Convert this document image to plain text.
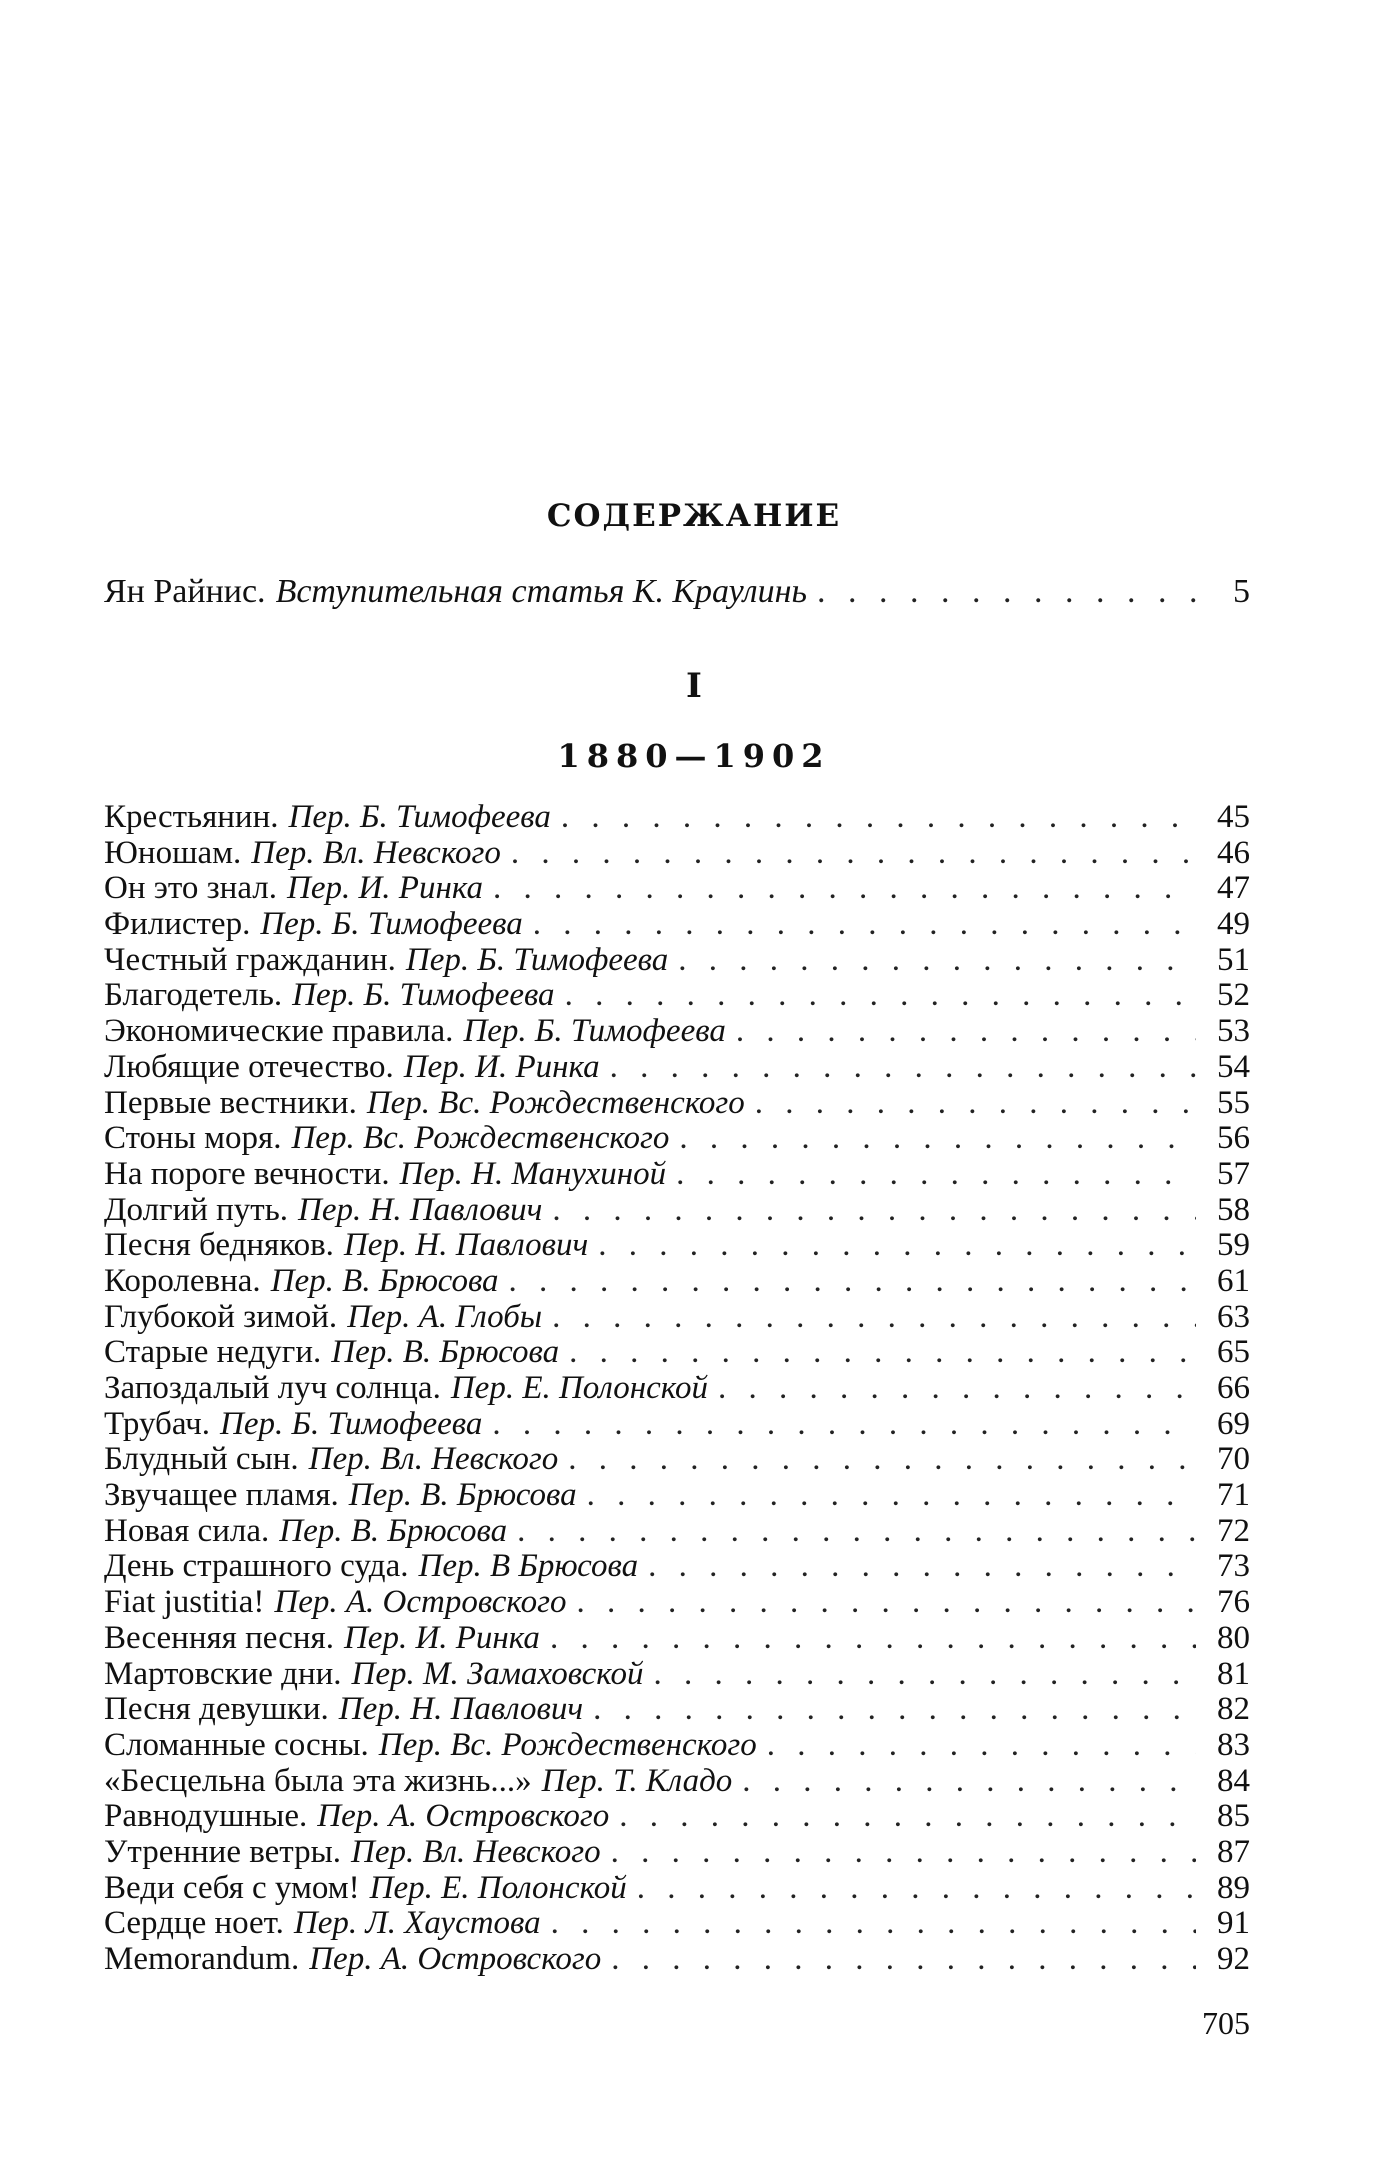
СОДЕРЖАНИЕ
Ян Райнис. Вступительная статья К. Краулинь . . .	5
I
1880—1902
Крестьянин. Пер. Б. Тимофеева . . .	45
Юношам. Пер. Вл. Невского . . .	46
Он это знал. Пер. И. Ринка . . .	47
Филистер. Пер. Б. Тимофеева . . .	49
Честный гражданин. Пер. Б. Тимофеева . . .	51
Благодетель. Пер. Б. Тимофеева . . .	52
Экономические правила. Пер. Б. Тимофеева . . .	53
Любящие отечество. Пер. И. Ринка . . .	54
Первые вестники. Пер. Вс. Рождественского . . .	55
Стоны моря. Пер. Вс. Рождественского . . .	56
На пороге вечности. Пер. Н. Манухиной . . .	57
Долгий путь. Пер. Н. Павлович . . .	58
Песня бедняков. Пер. Н. Павлович . . .	59
Королевна. Пер. В. Брюсова . . .	61
Глубокой зимой. Пер. А. Глобы . . .	63
Старые недуги. Пер. В. Брюсова . . .	65
Запоздалый луч солнца. Пер. Е. Полонской . . .	66
Трубач. Пер. Б. Тимофеева . . .	69
Блудный сын. Пер. Вл. Невского . . .	70
Звучащее пламя. Пер. В. Брюсова . . .	71
Новая сила. Пер. В. Брюсова . . .	72
День страшного суда. Пер. В Брюсова . . .	73
Fiat justitia! Пер. А. Островского . . .	76
Весенняя песня. Пер. И. Ринка . . .	80
Мартовские дни. Пер. М. Замаховской . . .	81
Песня девушки. Пер. Н. Павлович . . .	82
Сломанные сосны. Пер. Вс. Рождественского . . .	83
«Бесцельна была эта жизнь...» Пер. Т. Кладо . . .	84
Равнодушные. Пер. А. Островского . . .	85
Утренние ветры. Пер. Вл. Невского . . .	87
Веди себя с умом! Пер. Е. Полонской . . .	89
Сердце ноет. Пер. Л. Хаустова . . .	91
Memorandum. Пер. А. Островского . . .	92
705
